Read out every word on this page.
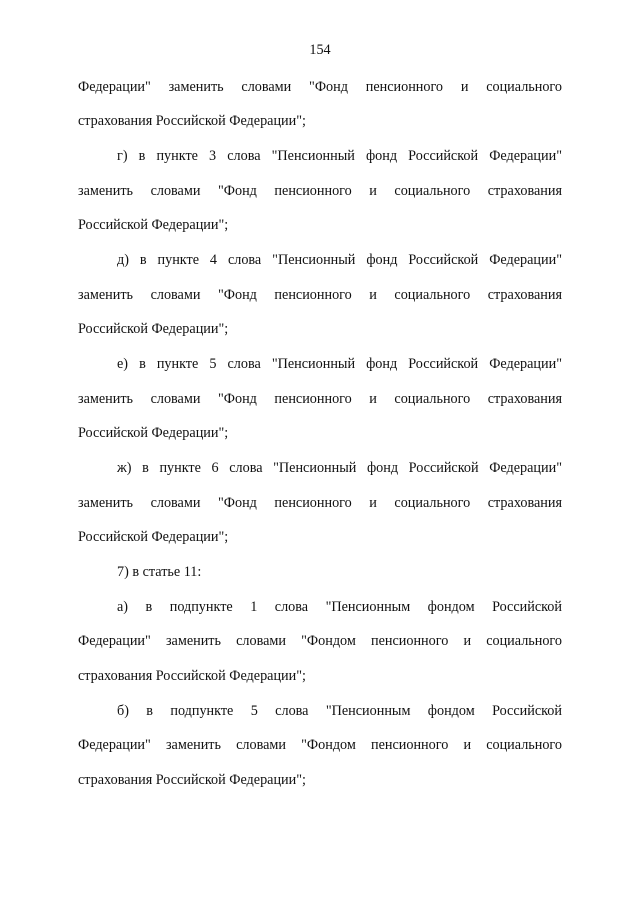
154
Федерации" заменить словами "Фонд пенсионного и социального
страхования Российской Федерации";
г) в пункте 3 слова "Пенсионный фонд Российской Федерации"
заменить словами "Фонд пенсионного и социального страхования
Российской Федерации";
д) в пункте 4 слова "Пенсионный фонд Российской Федерации"
заменить словами "Фонд пенсионного и социального страхования
Российской Федерации";
е) в пункте 5 слова "Пенсионный фонд Российской Федерации"
заменить словами "Фонд пенсионного и социального страхования
Российской Федерации";
ж) в пункте 6 слова "Пенсионный фонд Российской Федерации"
заменить словами "Фонд пенсионного и социального страхования
Российской Федерации";
7) в статье 11:
а) в подпункте 1 слова "Пенсионным фондом Российской
Федерации" заменить словами "Фондом пенсионного и социального
страхования Российской Федерации";
б) в подпункте 5 слова "Пенсионным фондом Российской
Федерации" заменить словами "Фондом пенсионного и социального
страхования Российской Федерации";
